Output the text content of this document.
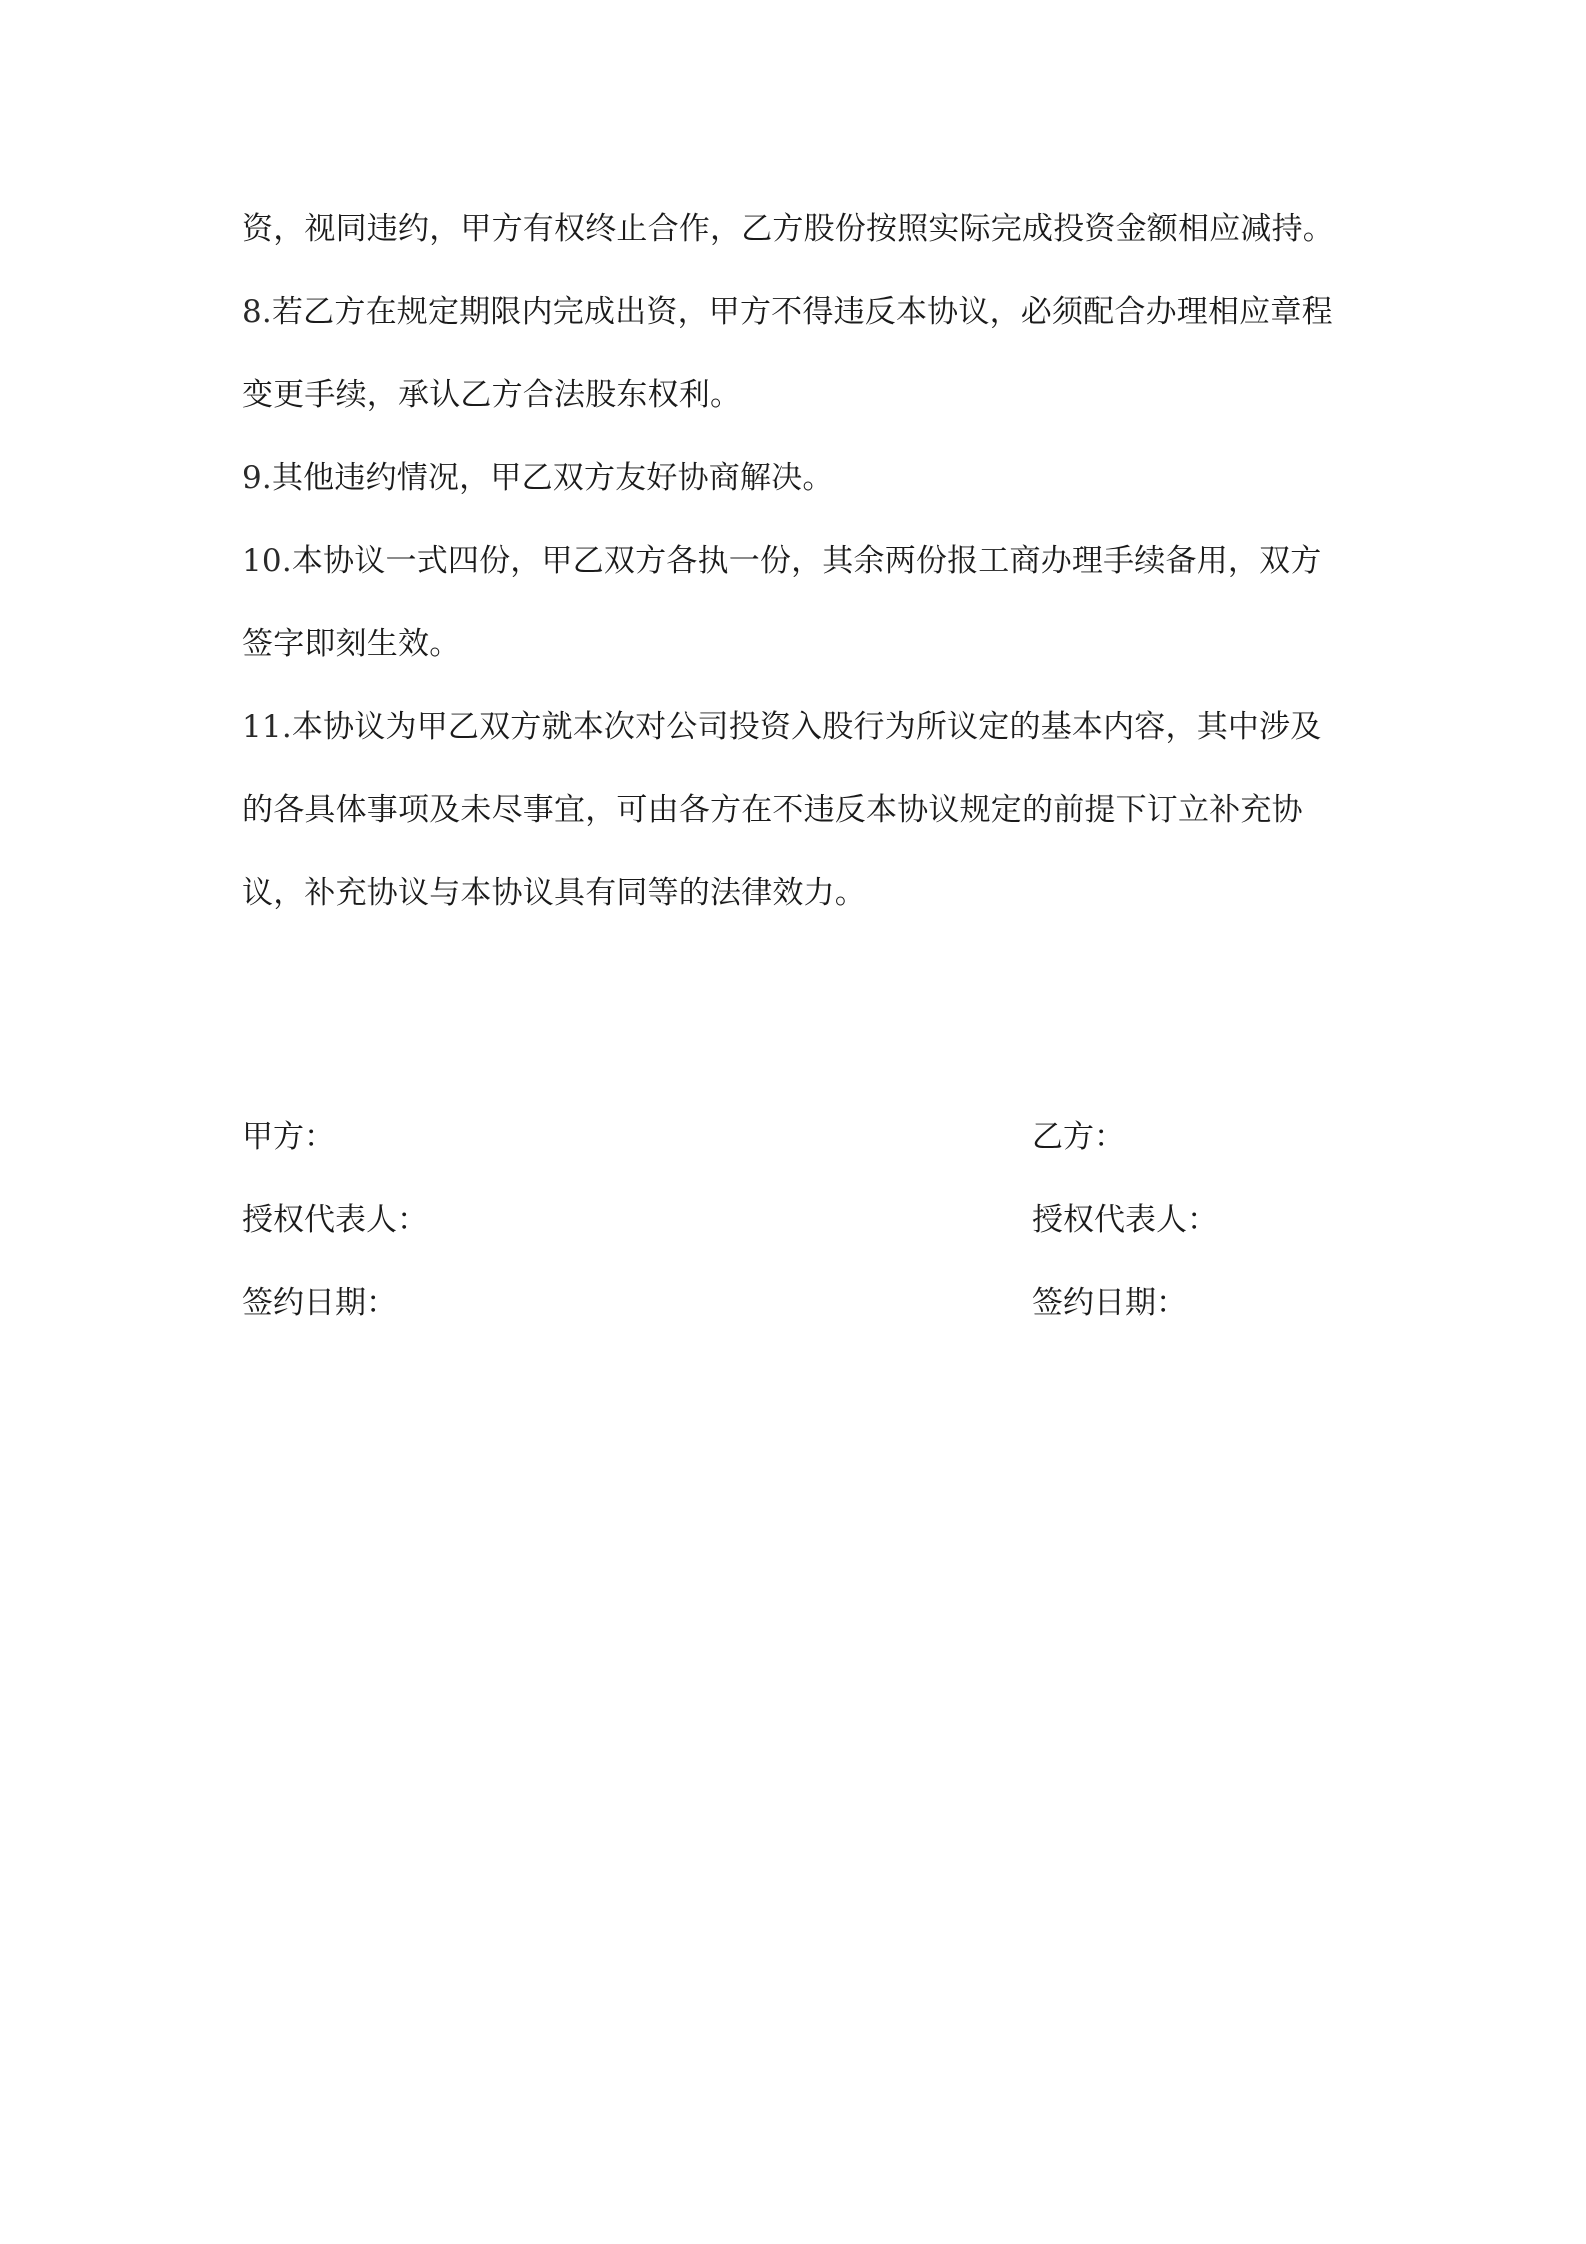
资，视同违约，甲方有权终止合作，乙方股份按照实际完成投资金额相应减持。
8.若乙方在规定期限内完成出资，甲方不得违反本协议，必须配合办理相应章程
变更手续，承认乙方合法股东权利。
9.其他违约情况，甲乙双方友好协商解决。
10.本协议一式四份，甲乙双方各执一份，其余两份报工商办理手续备用，双方
签字即刻生效。
11.本协议为甲乙双方就本次对公司投资入股行为所议定的基本内容，其中涉及
的各具体事项及未尽事宜，可由各方在不违反本协议规定的前提下订立补充协
议，补充协议与本协议具有同等的法律效力。
甲方：
授权代表人：
签约日期：
乙方：
授权代表人：
签约日期：
